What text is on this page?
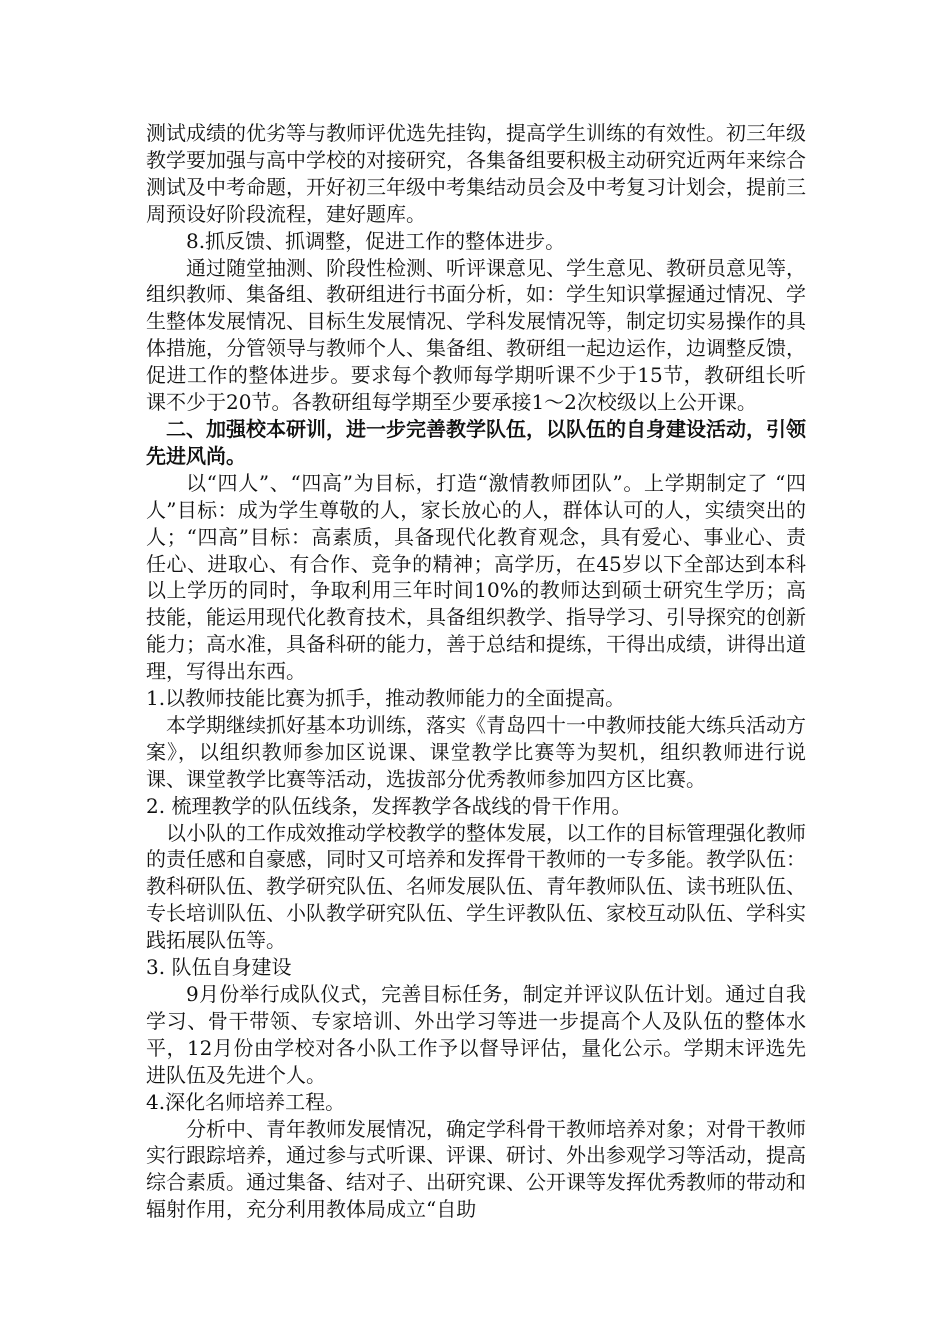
测试成绩的优劣等与教师评优选先挂钩，提高学生训练的有效性。初三年级教学要加强与高中学校的对接研究，各集备组要积极主动研究近两年来综合测试及中考命题，开好初三年级中考集结动员会及中考复习计划会，提前三周预设好阶段流程，建好题库。

8.抓反馈、抓调整，促进工作的整体进步。

通过随堂抽测、阶段性检测、听评课意见、学生意见、教研员意见等，组织教师、集备组、教研组进行书面分析，如：学生知识掌握通过情况、学生整体发展情况、目标生发展情况、学科发展情况等，制定切实易操作的具体措施，分管领导与教师个人、集备组、教研组一起边运作，边调整反馈，促进工作的整体进步。要求每个教师每学期听课不少于15节，教研组长听课不少于20节。各教研组每学期至少要承接1～2次校级以上公开课。

二、加强校本研训，进一步完善教学队伍，以队伍的自身建设活动，引领先进风尚。

以“四人”、“四高”为目标，打造“激情教师团队”。上学期制定了 “四人”目标：成为学生尊敬的人，家长放心的人，群体认可的人，实绩突出的人；“四高”目标：高素质，具备现代化教育观念，具有爱心、事业心、责任心、进取心、有合作、竞争的精神；高学历，在45岁以下全部达到本科以上学历的同时，争取利用三年时间10%的教师达到硕士研究生学历；高技能，能运用现代化教育技术，具备组织教学、指导学习、引导探究的创新能力；高水准，具备科研的能力，善于总结和提练，干得出成绩，讲得出道理，写得出东西。

1.以教师技能比赛为抓手，推动教师能力的全面提高。

本学期继续抓好基本功训练，落实《青岛四十一中教师技能大练兵活动方案》，以组织教师参加区说课、课堂教学比赛等为契机，组织教师进行说课、课堂教学比赛等活动，选拔部分优秀教师参加四方区比赛。

2. 梳理教学的队伍线条，发挥教学各战线的骨干作用。

以小队的工作成效推动学校教学的整体发展，以工作的目标管理强化教师的责任感和自豪感，同时又可培养和发挥骨干教师的一专多能。教学队伍：教科研队伍、教学研究队伍、名师发展队伍、青年教师队伍、读书班队伍、专长培训队伍、小队教学研究队伍、学生评教队伍、家校互动队伍、学科实践拓展队伍等。

3. 队伍自身建设

9月份举行成队仪式，完善目标任务，制定并评议队伍计划。通过自我学习、骨干带领、专家培训、外出学习等进一步提高个人及队伍的整体水平，12月份由学校对各小队工作予以督导评估，量化公示。学期末评选先进队伍及先进个人。

4.深化名师培养工程。

分析中、青年教师发展情况，确定学科骨干教师培养对象；对骨干教师实行跟踪培养，通过参与式听课、评课、研讨、外出参观学习等活动，提高综合素质。通过集备、结对子、出研究课、公开课等发挥优秀教师的带动和辐射作用，充分利用教体局成立“自助
